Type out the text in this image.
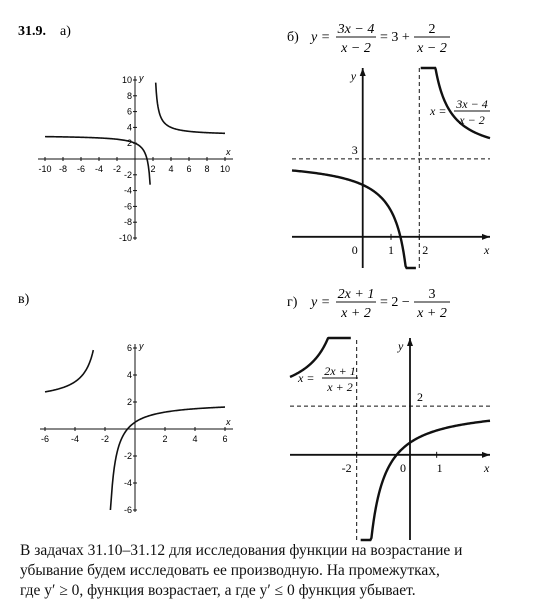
31.9. а)
в)
б) y =
3x − 4
x − 2
= 3 +
2
x − 2
г) y =
2x + 1
x + 2
= 2 −
3
x + 2
-10 -8 -6 -4 -2	2 4 6 8 10
10
8
6
4
2
-2
-4
-6
-8
-10
x
y
x
y
0	1 2
3
x = 3x − 4
x − 2
-6 -4 -2	2	4	6
6
4
2
-2
-4
-6
x
y
x
y
-2	0	1
2
x = 2x + 1
x + 2
В задачах 31.10–31.12 для исследования функции на возрастание и
убывание будем исследовать ее производную. На промежутках,
где y′ ≥ 0, функция возрастает, а где y′ ≤ 0 функция убывает.
